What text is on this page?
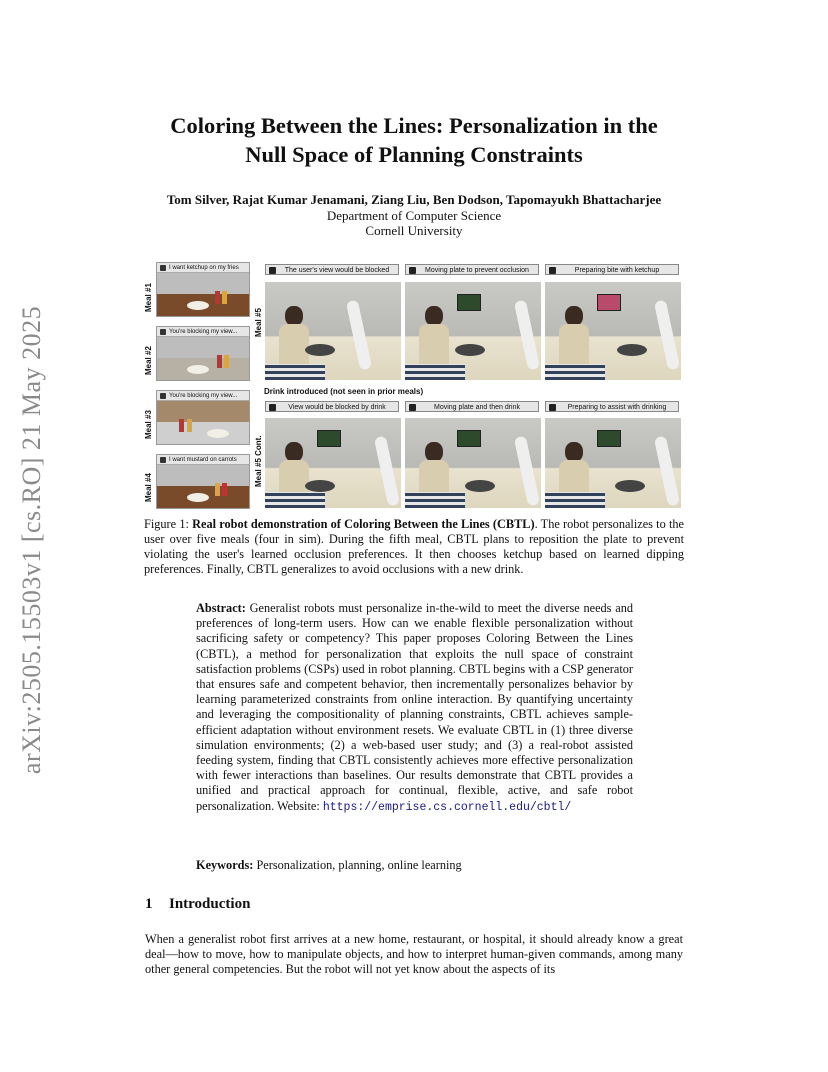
arXiv:2505.15503v1 [cs.RO] 21 May 2025
Coloring Between the Lines: Personalization in the
Null Space of Planning Constraints
Tom Silver, Rajat Kumar Jenamani, Ziang Liu, Ben Dodson, Tapomayukh Bhattacharjee
Department of Computer Science
Cornell University
Meal #1
I want ketchup on my fries
Meal #2
You're blocking my view...
Meal #3
You're blocking my view...
Meal #4
I want mustard on carrots
Meal #5
Meal #5 Cont.
The user's view would be blocked	Moving plate to prevent occlusion	Preparing bite with ketchup
Drink introduced (not seen in prior meals)
View would be blocked by drink	Moving plate and then drink	Preparing to assist with drinking
Figure 1: Real robot demonstration of Coloring Between the Lines (CBTL). The robot personalizes to the user over five meals (four in sim). During the fifth meal, CBTL plans to reposition the plate to prevent violating the user's learned occlusion preferences. It then chooses ketchup based on learned dipping preferences. Finally, CBTL generalizes to avoid occlusions with a new drink.
Abstract: Generalist robots must personalize in-the-wild to meet the diverse needs and preferences of long-term users. How can we enable flexible personalization without sacrificing safety or competency? This paper proposes Coloring Between the Lines (CBTL), a method for personalization that exploits the null space of constraint satisfaction problems (CSPs) used in robot planning. CBTL begins with a CSP generator that ensures safe and competent behavior, then incrementally personalizes behavior by learning parameterized constraints from online interaction. By quantifying uncertainty and leveraging the compositionality of planning constraints, CBTL achieves sample-efficient adaptation without environment resets. We evaluate CBTL in (1) three diverse simulation environments; (2) a web-based user study; and (3) a real-robot assisted feeding system, finding that CBTL consistently achieves more effective personalization with fewer interactions than baselines. Our results demonstrate that CBTL provides a unified and practical approach for continual, flexible, active, and safe robot personalization. Website: https://emprise.cs.cornell.edu/cbtl/
Keywords: Personalization, planning, online learning
1 Introduction
When a generalist robot first arrives at a new home, restaurant, or hospital, it should already know a great deal—how to move, how to manipulate objects, and how to interpret human-given commands, among many other general competencies. But the robot will not yet know about the aspects of its
